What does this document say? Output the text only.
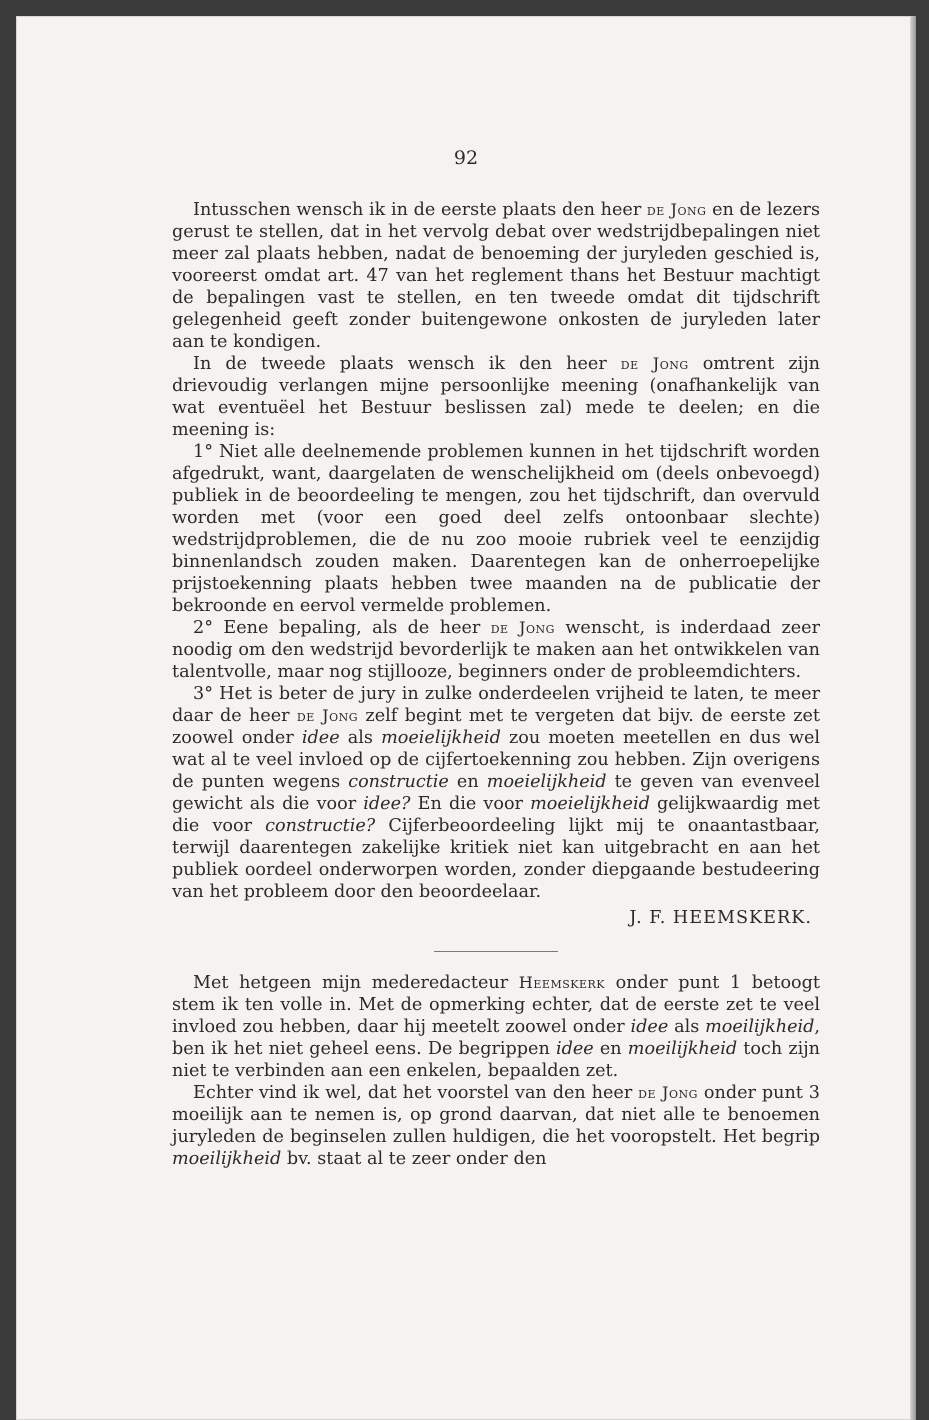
92

Intusschen wensch ik in de eerste plaats den heer de Jong en de lezers gerust te stellen, dat in het vervolg debat over wedstrijdbepalingen niet meer zal plaats hebben, nadat de benoeming der juryleden geschied is, vooreerst omdat art. 47 van het reglement thans het Bestuur machtigt de bepalingen vast te stellen, en ten tweede omdat dit tijdschrift gelegenheid geeft zonder buitengewone onkosten de juryleden later aan te kondigen.

In de tweede plaats wensch ik den heer de Jong omtrent zijn drievoudig verlangen mijne persoonlijke meening (onafhankelijk van wat eventuëel het Bestuur beslissen zal) mede te deelen; en die meening is:

1° Niet alle deelnemende problemen kunnen in het tijdschrift worden afgedrukt, want, daargelaten de wenschelijkheid om (deels onbevoegd) publiek in de beoordeeling te mengen, zou het tijdschrift, dan overvuld worden met (voor een goed deel zelfs ontoonbaar slechte) wedstrijdproblemen, die de nu zoo mooie rubriek veel te eenzijdig binnenlandsch zouden maken. Daarentegen kan de onherroepelijke prijstoekenning plaats hebben twee maanden na de publicatie der bekroonde en eervol vermelde problemen.

2° Eene bepaling, als de heer de Jong wenscht, is inderdaad zeer noodig om den wedstrijd bevorderlijk te maken aan het ontwikkelen van talentvolle, maar nog stijllooze, beginners onder de probleemdichters.

3° Het is beter de jury in zulke onderdeelen vrijheid te laten, te meer daar de heer de Jong zelf begint met te vergeten dat bijv. de eerste zet zoowel onder idee als moeielijkheid zou moeten meetellen en dus wel wat al te veel invloed op de cijfertoekenning zou hebben. Zijn overigens de punten wegens constructie en moeielijkheid te geven van evenveel gewicht als die voor idee? En die voor moeielijkheid gelijkwaardig met die voor constructie? Cijferbeoordeeling lijkt mij te onaantastbaar, terwijl daarentegen zakelijke kritiek niet kan uitgebracht en aan het publiek oordeel onderworpen worden, zonder diepgaande bestudeering van het probleem door den beoordeelaar.

J. F. HEEMSKERK.

Met hetgeen mijn mederedacteur Heemskerk onder punt 1 betoogt stem ik ten volle in. Met de opmerking echter, dat de eerste zet te veel invloed zou hebben, daar hij meetelt zoowel onder idee als moeilijkheid, ben ik het niet geheel eens. De begrippen idee en moeilijkheid toch zijn niet te verbinden aan een enkelen, bepaalden zet.

Echter vind ik wel, dat het voorstel van den heer de Jong onder punt 3 moeilijk aan te nemen is, op grond daarvan, dat niet alle te benoemen juryleden de beginselen zullen huldigen, die het vooropstelt. Het begrip moeilijkheid bv. staat al te zeer onder den
